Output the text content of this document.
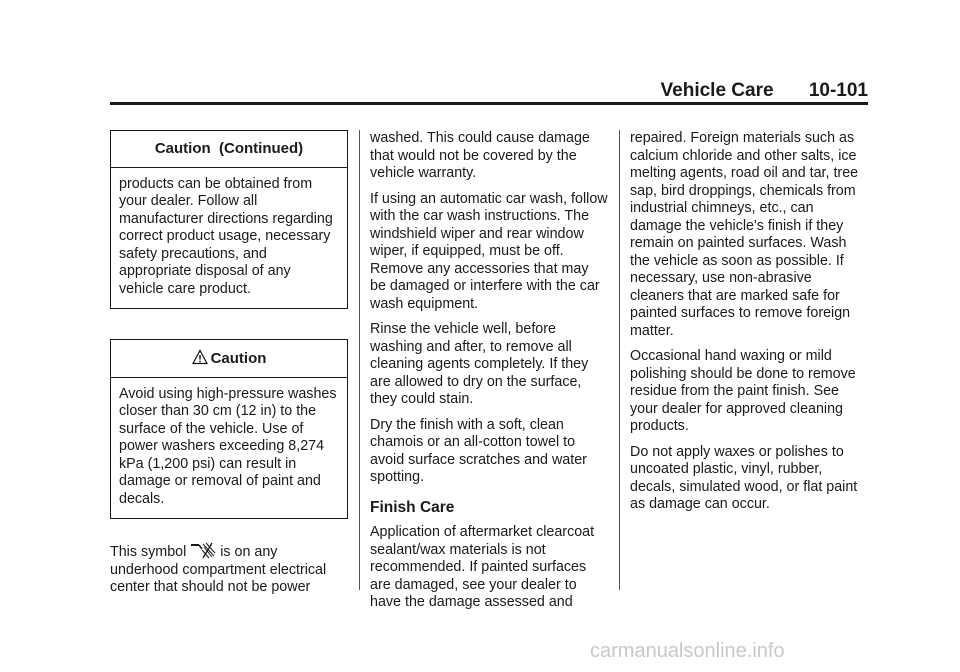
Vehicle Care 10-101
Caution  (Continued)
products can be obtained from your dealer. Follow all manufacturer directions regarding correct product usage, necessary safety precautions, and appropriate disposal of any vehicle care product.
Caution
Avoid using high-pressure washes closer than 30 cm (12 in) to the surface of the vehicle. Use of power washers exceeding 8,274 kPa (1,200 psi) can result in damage or removal of paint and decals.

This symbol  is on any underhood compartment electrical center that should not be power

washed. This could cause damage that would not be covered by the vehicle warranty.

If using an automatic car wash, follow with the car wash instructions. The windshield wiper and rear window wiper, if equipped, must be off. Remove any accessories that may be damaged or interfere with the car wash equipment.

Rinse the vehicle well, before washing and after, to remove all cleaning agents completely. If they are allowed to dry on the surface, they could stain.

Dry the finish with a soft, clean chamois or an all-cotton towel to avoid surface scratches and water spotting.

Finish Care

Application of aftermarket clearcoat sealant/wax materials is not recommended. If painted surfaces are damaged, see your dealer to have the damage assessed and

repaired. Foreign materials such as calcium chloride and other salts, ice melting agents, road oil and tar, tree sap, bird droppings, chemicals from industrial chimneys, etc., can damage the vehicle's finish if they remain on painted surfaces. Wash the vehicle as soon as possible. If necessary, use non-abrasive cleaners that are marked safe for painted surfaces to remove foreign matter.

Occasional hand waxing or mild polishing should be done to remove residue from the paint finish. See your dealer for approved cleaning products.

Do not apply waxes or polishes to uncoated plastic, vinyl, rubber, decals, simulated wood, or flat paint as damage can occur.

carmanualsonline.info
